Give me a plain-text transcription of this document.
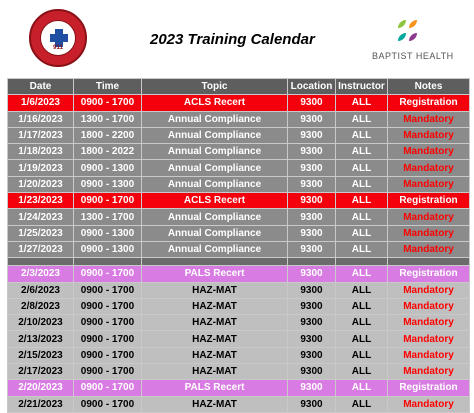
911	2023 Training Calendar
BAPTIST HEALTH
Date	Time	Topic	Location	Instructor	Notes
1/6/2023	0900 - 1700	ACLS Recert	9300	ALL	Registration
1/16/2023	1300 - 1700	Annual Compliance	9300	ALL	Mandatory
1/17/2023	1800 - 2200	Annual Compliance	9300	ALL	Mandatory
1/18/2023	1800 - 2022	Annual Compliance	9300	ALL	Mandatory
1/19/2023	0900 - 1300	Annual Compliance	9300	ALL	Mandatory
1/20/2023	0900 - 1300	Annual Compliance	9300	ALL	Mandatory
1/23/2023	0900 - 1700	ACLS Recert	9300	ALL	Registration
1/24/2023	1300 - 1700	Annual Compliance	9300	ALL	Mandatory
1/25/2023	0900 - 1300	Annual Compliance	9300	ALL	Mandatory
1/27/2023	0900 - 1300	Annual Compliance	9300	ALL	Mandatory

2/3/2023	0900 - 1700	PALS Recert	9300	ALL	Registration
2/6/2023	0900 - 1700	HAZ-MAT	9300	ALL	Mandatory
2/8/2023	0900 - 1700	HAZ-MAT	9300	ALL	Mandatory
2/10/2023	0900 - 1700	HAZ-MAT	9300	ALL	Mandatory
2/13/2023	0900 - 1700	HAZ-MAT	9300	ALL	Mandatory
2/15/2023	0900 - 1700	HAZ-MAT	9300	ALL	Mandatory
2/17/2023	0900 - 1700	HAZ-MAT	9300	ALL	Mandatory
2/20/2023	0900 - 1700	PALS Recert	9300	ALL	Registration
2/21/2023	0900 - 1700	HAZ-MAT	9300	ALL	Mandatory
